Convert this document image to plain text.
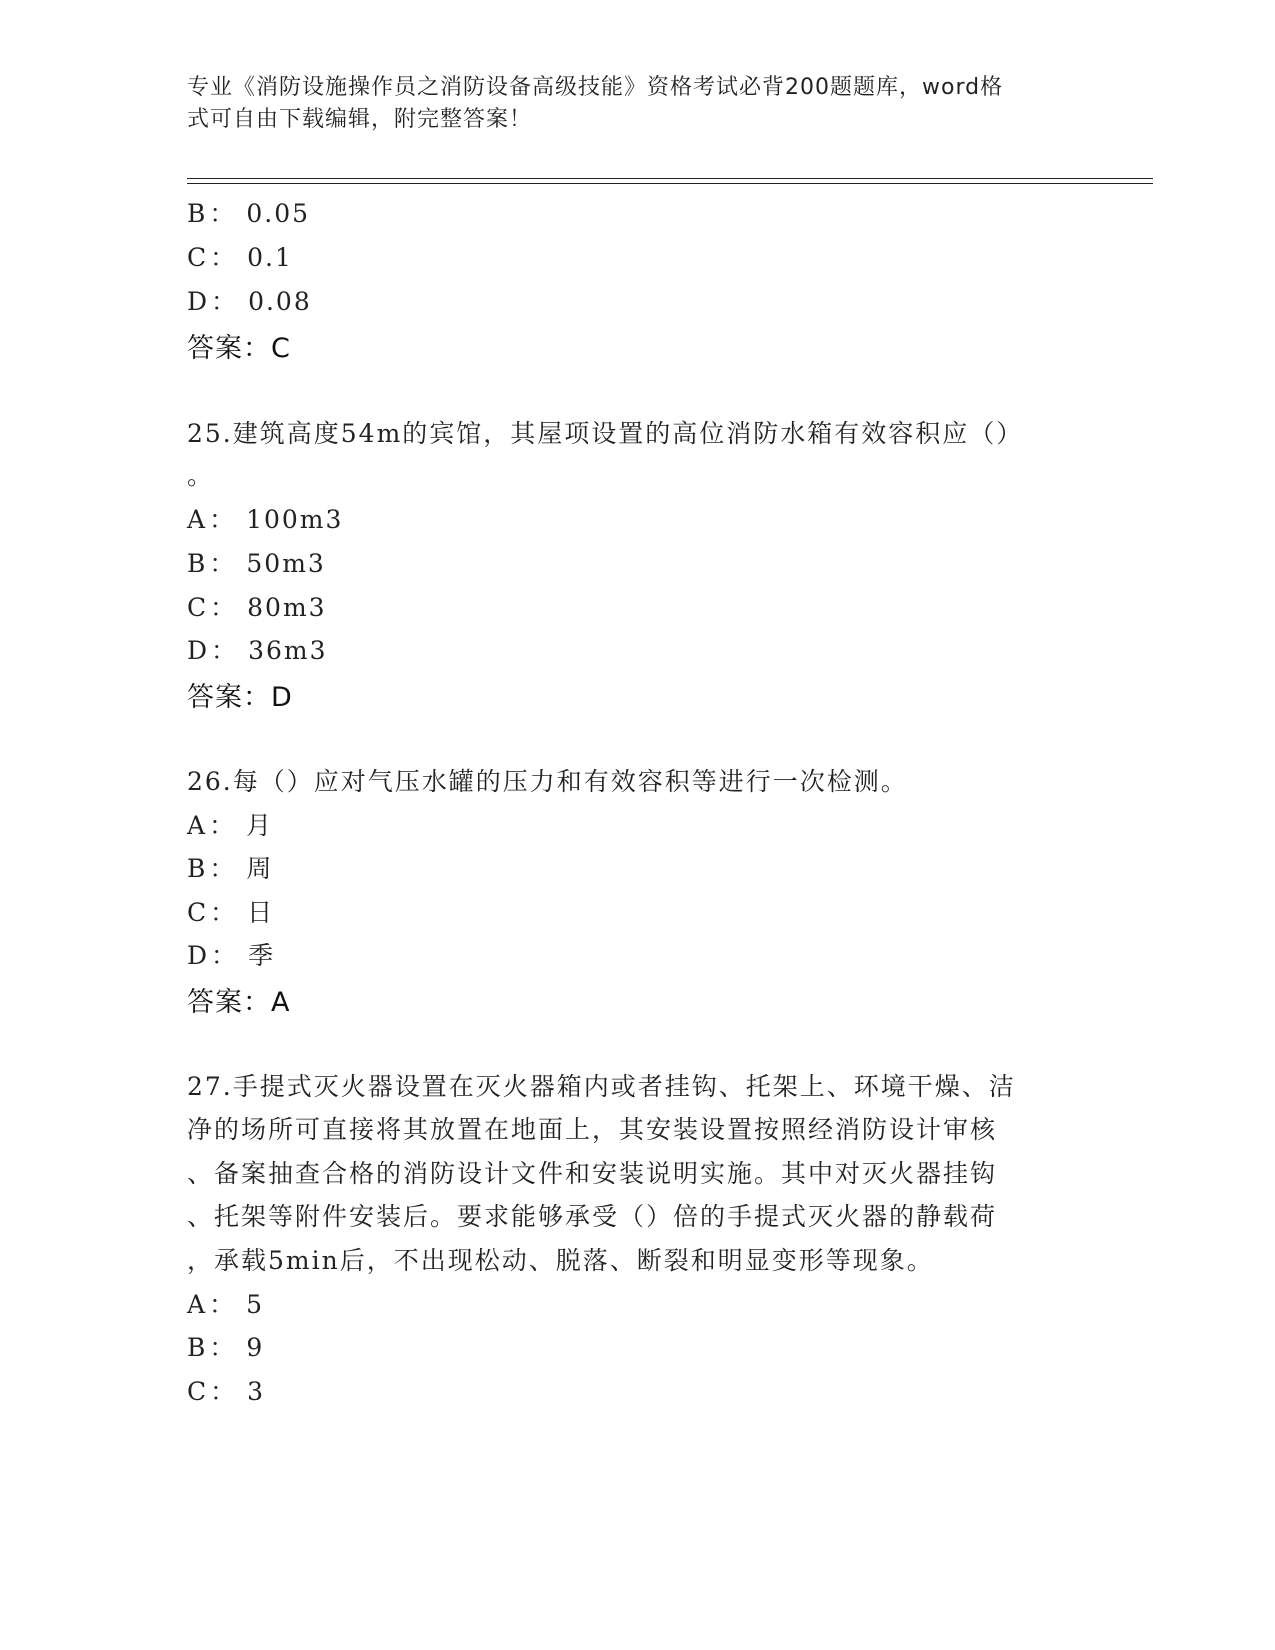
专业《消防设施操作员之消防设备高级技能》资格考试必背200题题库，word格
式可自由下载编辑，附完整答案！
B： 0.05
C： 0.1
D： 0.08
答案：C
25.建筑高度54m的宾馆，其屋项设置的高位消防水箱有效容积应（）
。
A： 100m3
B： 50m3
C： 80m3
D： 36m3
答案：D
26.每（）应对气压水罐的压力和有效容积等进行一次检测。
A： 月
B： 周
C： 日
D： 季
答案：A
27.手提式灭火器设置在灭火器箱内或者挂钩、托架上、环境干燥、洁
净的场所可直接将其放置在地面上，其安装设置按照经消防设计审核
、备案抽查合格的消防设计文件和安装说明实施。其中对灭火器挂钩
、托架等附件安装后。要求能够承受（）倍的手提式灭火器的静载荷
，承载5min后，不出现松动、脱落、断裂和明显变形等现象。
A： 5
B： 9
C： 3
